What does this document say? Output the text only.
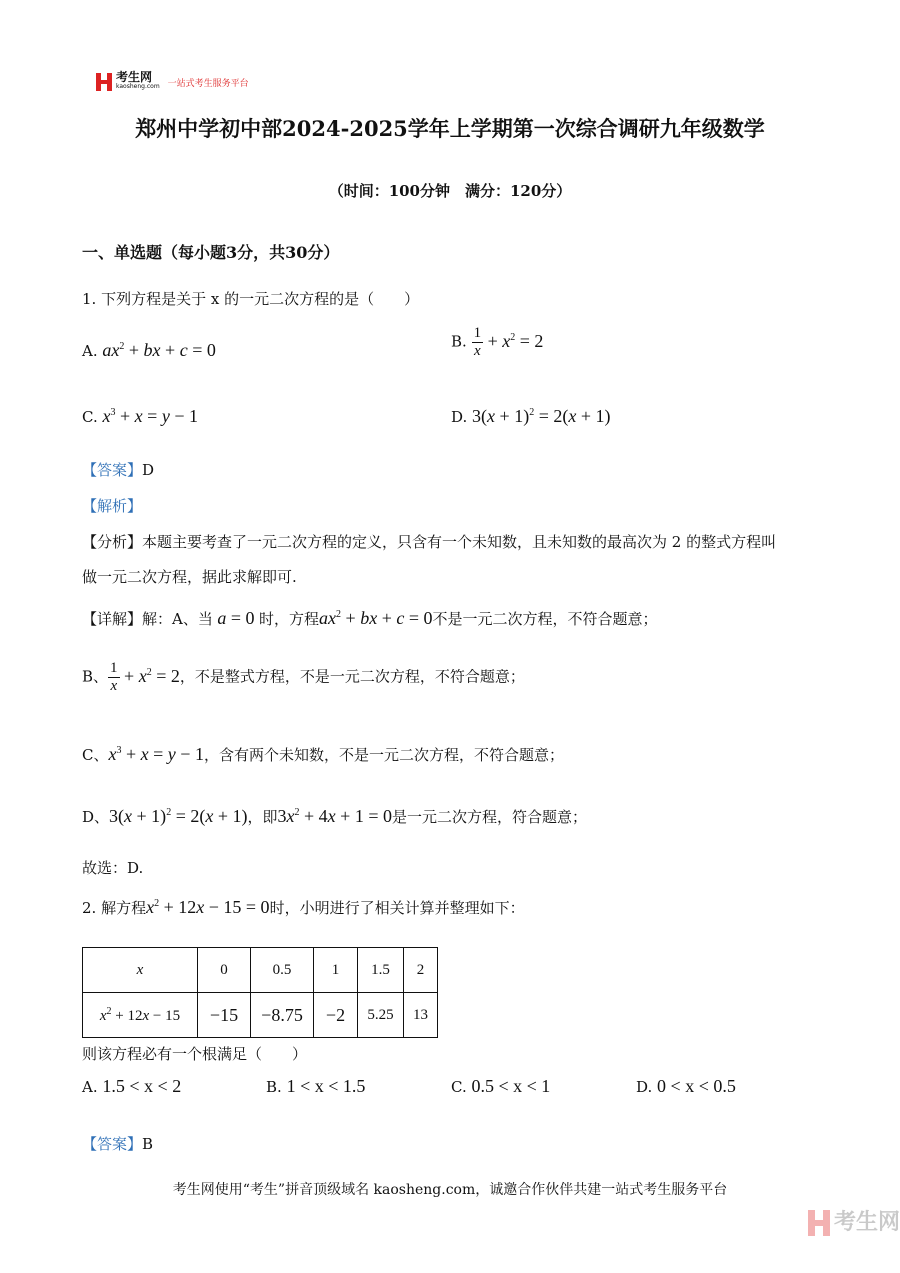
考生网
kaosheng.com 一站式考生服务平台
郑州中学初中部2024-2025学年上学期第一次综合调研九年级数学
（时间：100分钟　满分：120分）
一、单选题（每小题3分，共30分）
1. 下列方程是关于 x 的一元二次方程的是（　　）
A. $ax^2$ + bx + c = 0	B. $\frac{1}{x} + x^2 = 2$
C. $x^3 + x = y - 1$	D. $3(x + 1)^2 = 2(x + 1)$
【答案】D
【解析】
【分析】本题主要考查了一元二次方程的定义，只含有一个未知数，且未知数的最高次为 2 的整式方程叫
做一元二次方程，据此求解即可.
【详解】解：A、当 a = 0 时，方程$ax^2$ + bx + c = 0不是一元二次方程，不符合题意；
B、 $\frac{1}{x} + x^2 = 2$，不是整式方程，不是一元二次方程，不符合题意；
C、$x^3 + x = y - 1$，含有两个未知数，不是一元二次方程，不符合题意；
D、$3(x + 1)^2 = 2(x + 1)$，即$3x^2 + 4x + 1 = 0$是一元二次方程，符合题意；
故选：D.
2. 解方程$x^2 + 12x - 15 = 0$时，小明进行了相关计算并整理如下：
x	0	0.5	1	1.5	2
$x^2 + 12x - 15$	−15	−8.75	−2	5.25	13
则该方程必有一个根满足（　　）
A. 1.5 < x < 2	B. 1 < x < 1.5	C. 0.5 < x < 1	D. 0 < x < 0.5
【答案】B
考生网使用“考生”拼音顶级域名 kaosheng.com，诚邀合作伙伴共建一站式考生服务平台
考生网
